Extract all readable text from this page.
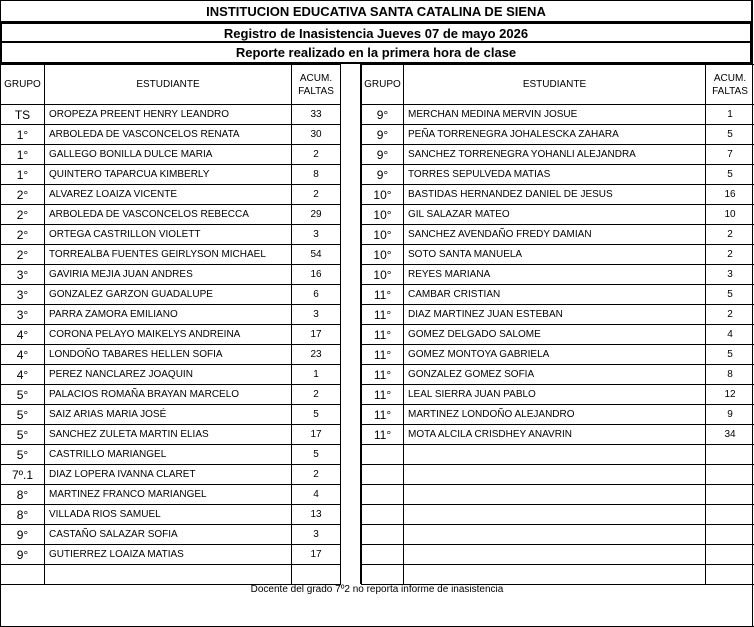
INSTITUCION EDUCATIVA SANTA CATALINA DE SIENA
Registro de Inasistencia Jueves 07 de mayo 2026
Reporte realizado en la primera hora de clase
GRUPO	ESTUDIANTE	ACUM.
FALTAS
TS	OROPEZA PREENT HENRY LEANDRO	33
1°	ARBOLEDA DE VASCONCELOS RENATA	30
1°	GALLEGO BONILLA DULCE MARIA	2
1°	QUINTERO TAPARCUA KIMBERLY	8
2°	ALVAREZ LOAIZA VICENTE	2
2°	ARBOLEDA DE VASCONCELOS REBECCA	29
2°	ORTEGA CASTRILLON VIOLETT	3
2°	TORREALBA FUENTES GEIRLYSON MICHAEL	54
3°	GAVIRIA MEJIA JUAN ANDRES	16
3°	GONZALEZ GARZON GUADALUPE	6
3°	PARRA ZAMORA EMILIANO	3
4°	CORONA PELAYO MAIKELYS ANDREINA	17
4°	LONDOÑO TABARES HELLEN SOFIA	23
4°	PEREZ NANCLAREZ JOAQUIN	1
5°	PALACIOS ROMAÑA BRAYAN MARCELO	2
5°	SAIZ ARIAS MARIA JOSÉ	5
5°	SANCHEZ ZULETA MARTIN ELIAS	17
5°	CASTRILLO MARIANGEL	5
7º.1	DIAZ LOPERA IVANNA CLARET	2
8°	MARTINEZ FRANCO MARIANGEL	4
8°	VILLADA RIOS SAMUEL	13
9°	CASTAÑO SALAZAR SOFIA	3
9°	GUTIERREZ LOAIZA MATIAS	17

GRUPO	ESTUDIANTE	ACUM.
FALTAS
9°	MERCHAN MEDINA MERVIN JOSUE	1
9°	PEÑA TORRENEGRA JOHALESCKA ZAHARA	5
9°	SANCHEZ TORRENEGRA YOHANLI ALEJANDRA	7
9°	TORRES SEPULVEDA MATIAS	5
10°	BASTIDAS HERNANDEZ DANIEL DE JESUS	16
10°	GIL SALAZAR MATEO	10
10°	SANCHEZ AVENDAÑO FREDY DAMIAN	2
10°	SOTO SANTA MANUELA	2
10°	REYES MARIANA	3
11°	CAMBAR CRISTIAN	5
11°	DIAZ MARTINEZ JUAN ESTEBAN	2
11°	GOMEZ DELGADO SALOME	4
11°	GOMEZ MONTOYA GABRIELA	5
11°	GONZALEZ GOMEZ SOFIA	8
11°	LEAL SIERRA JUAN PABLO	12
11°	MARTINEZ LONDOÑO ALEJANDRO	9
11°	MOTA ALCILA CRISDHEY ANAVRIN	34

Docente del grado 7º2 no reporta informe de inasistencia
